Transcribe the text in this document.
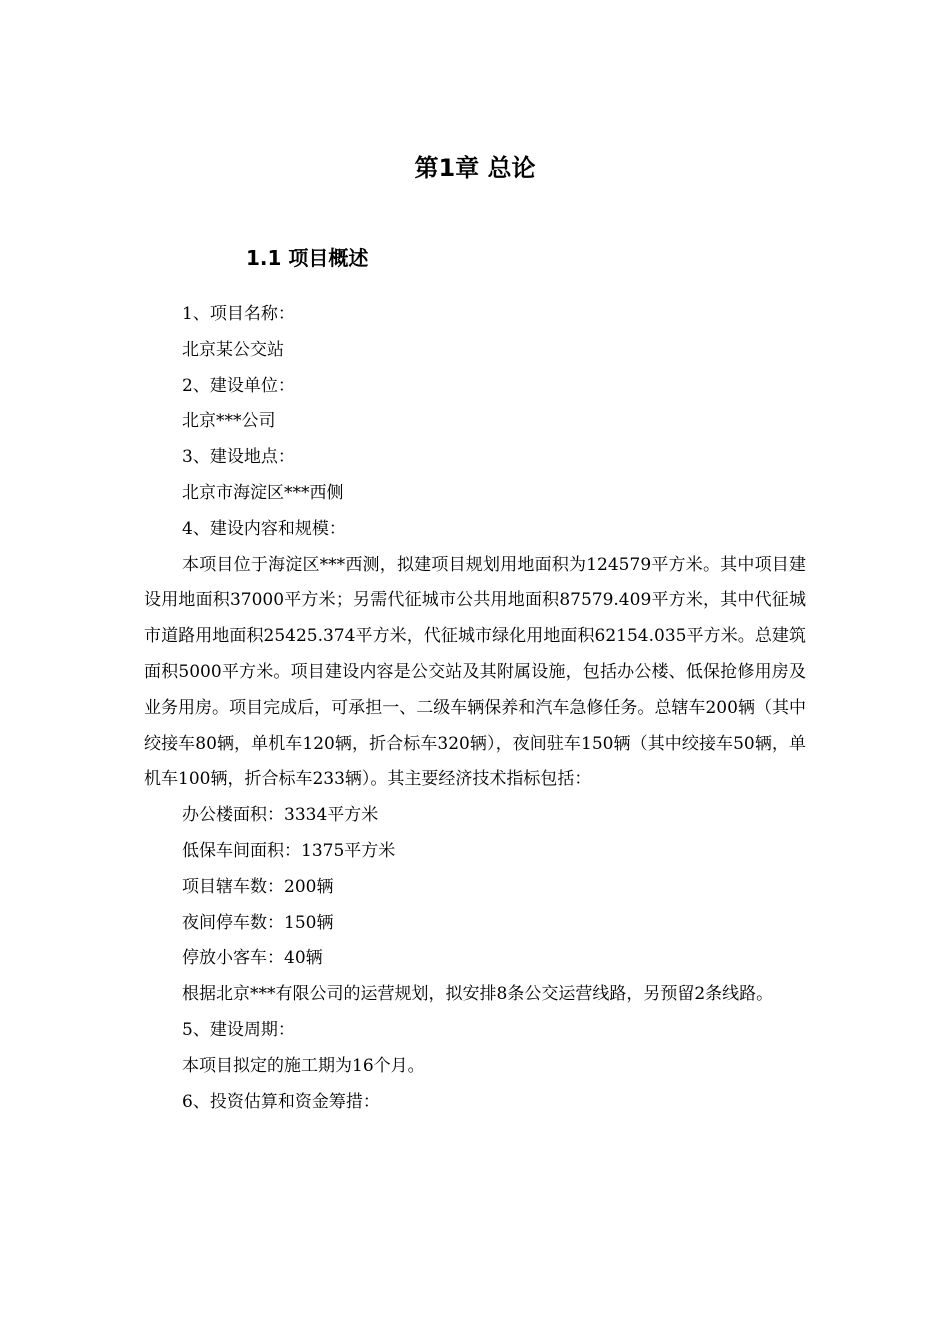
第1章 总论
1.1 项目概述

1、项目名称：

北京某公交站

2、建设单位：

北京***公司

3、建设地点：

北京市海淀区***西侧

4、建设内容和规模：

本项目位于海淀区***西测，拟建项目规划用地面积为124579平方米。其中项目建设用地面积37000平方米；另需代征城市公共用地面积87579.409平方米，其中代征城市道路用地面积25425.374平方米，代征城市绿化用地面积62154.035平方米。总建筑面积5000平方米。项目建设内容是公交站及其附属设施，包括办公楼、低保抢修用房及业务用房。项目完成后，可承担一、二级车辆保养和汽车急修任务。总辖车200辆（其中绞接车80辆，单机车120辆，折合标车320辆），夜间驻车150辆（其中绞接车50辆，单机车100辆，折合标车233辆）。其主要经济技术指标包括：

办公楼面积：3334平方米

低保车间面积：1375平方米

项目辖车数：200辆

夜间停车数：150辆

停放小客车：40辆

根据北京***有限公司的运营规划，拟安排8条公交运营线路，另预留2条线路。

5、建设周期：

本项目拟定的施工期为16个月。

6、投资估算和资金筹措：
